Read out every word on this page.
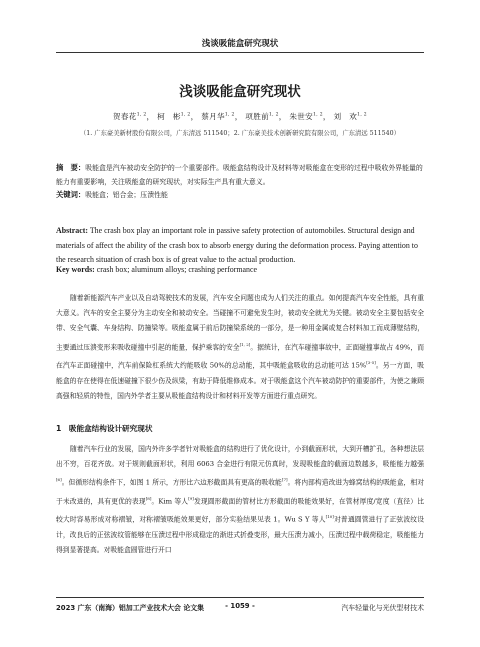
浅谈吸能盒研究现状
浅谈吸能盒研究现状
贺春花$^{1, 2}$， 柯　彬$^{1, 2}$， 蔡月华$^{1, 2}$， 项胜前$^{1, 2}$， 朱世安$^{1, 2}$， 刘　欢$^{1, 2}$
（1. 广东豪美新材股份有限公司，广东清远 511540；2. 广东豪美技术创新研究院有限公司，广东清远 511540）
摘　要：吸能盒是汽车被动安全防护的一个重要部件。吸能盒结构设计及材料等对吸能盒在变形的过程中吸收外界能量的能力有重要影响，关注吸能盒的研究现状，对实际生产具有重大意义。
关键词：吸能盒；铝合金；压溃性能
Abstract: The crash box play an important role in passive safety protection of automobiles. Structural design and materials of affect the ability of the crash box to absorb energy during the deformation process. Paying attention to the research situation of crash box is of great value to the actual production.
Key words: crash box; aluminum alloys; crashing performance
随着新能源汽车产业以及自动驾驶技术的发展，汽车安全问题也成为人们关注的重点。如何提高汽车安全性能，具有重大意义。汽车的安全主要分为主动安全和被动安全。当碰撞不可避免发生时，被动安全就尤为关键。被动安全主要包括安全带、安全气囊、车身结构、防撞梁等。吸能盒属于前后防撞梁系统的一部分，是一种用金属或复合材料加工而成薄壁结构，主要通过压溃变形来吸收碰撞中引起的能量，保护乘客的安全[1, 2]。据统计，在汽车碰撞事故中，正面碰撞事故占 49%，而在汽车正面碰撞中，汽车前保险杠系统大约能吸收 50%的总动能，其中吸能盒吸收的总动能可达 15%[3-5]。另一方面，吸能盒的存在使得在低速碰撞下很少伤及纵梁，有助于降低维修成本。对于吸能盒这个汽车被动防护的重要部件，为使之兼顾高强和轻质的特性，国内外学者主要从吸能盒结构设计和材料开发等方面进行重点研究。
1　吸能盒结构设计研究现状
随着汽车行业的发展，国内外许多学者针对吸能盒的结构进行了优化设计，小到截面形状，大到开槽扩孔，各种想法层出不穷，百花齐放。对于规则截面形状，利用 6063 合金进行有限元仿真时，发现吸能盒的截面边数越多，吸能能力越强[6]。但循形结构条件下，如图 1 所示，方形比六边形截面具有更高的吸收能[7]。将内部构造改进为蜂窝结构的吸能盒，相对于未改进的，具有更优的表现[8]。Kim 等人[9]发现圆形截面的管材比方形截面的吸能效果好，在管材厚度/宽度（直径）比较大时容易形成对称褶皱，对称褶皱吸能效果更好，部分实验结果见表 1。Wu S Y 等人[10]对普通圆管进行了正弦波纹设计，改良后的正弦波纹管能够在压溃过程中形成稳定的渐进式折叠变形，最大压溃力减小，压溃过程中载荷稳定，吸能能力得到显著提高。对吸能盒圆管进行开口
2023 广东（南海）铝加工产业技术大会 论文集	- 1059 -	汽车轻量化与光伏型材技术
